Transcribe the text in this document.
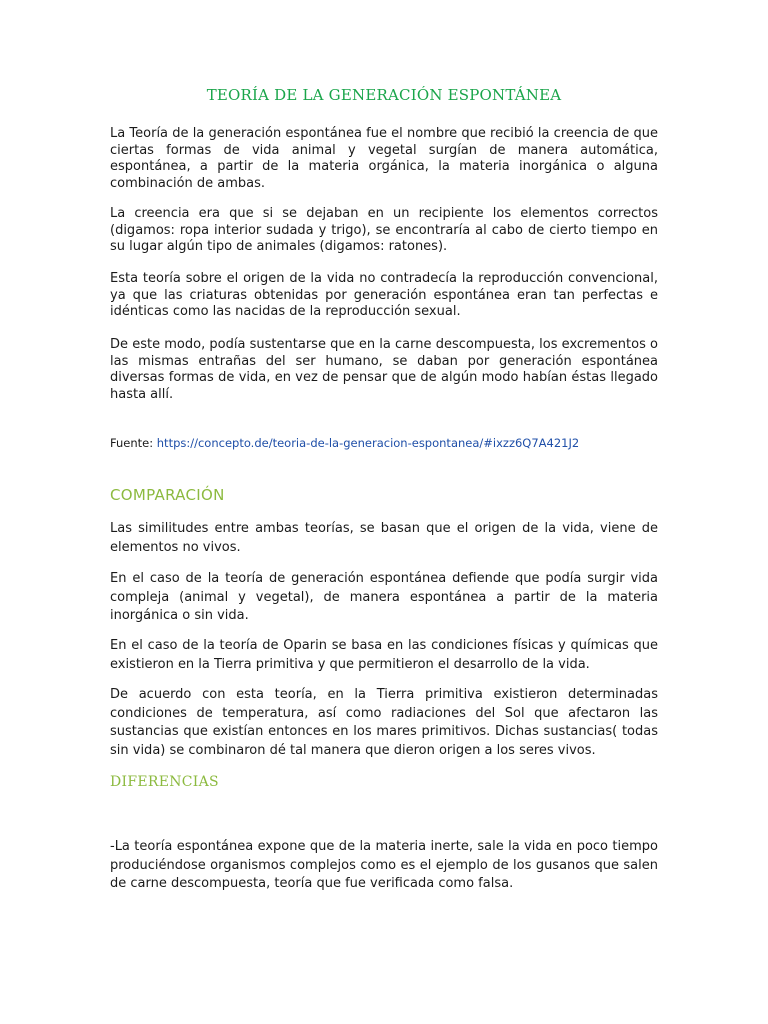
TEORÍA DE LA GENERACIÓN ESPONTÁNEA

La Teoría de la generación espontánea fue el nombre que recibió la creencia de que ciertas formas de vida animal y vegetal surgían de manera automática, espontánea, a partir de la materia orgánica, la materia inorgánica o alguna combinación de ambas.

La creencia era que si se dejaban en un recipiente los elementos correctos (digamos: ropa interior sudada y trigo), se encontraría al cabo de cierto tiempo en su lugar algún tipo de animales (digamos: ratones).

Esta teoría sobre el origen de la vida no contradecía la reproducción convencional, ya que las criaturas obtenidas por generación espontánea eran tan perfectas e idénticas como las nacidas de la reproducción sexual.

De este modo, podía sustentarse que en la carne descompuesta, los excrementos o las mismas entrañas del ser humano, se daban por generación espontánea diversas formas de vida, en vez de pensar que de algún modo habían éstas llegado hasta allí.

Fuente: https://concepto.de/teoria-de-la-generacion-espontanea/#ixzz6Q7A421J2

COMPARACIÓN

Las similitudes entre ambas teorías, se basan que el origen de la vida, viene de elementos no vivos.

En el caso de la teoría de generación espontánea defiende que podía surgir vida compleja (animal y vegetal), de manera espontánea a partir de la materia inorgánica o sin vida.

En el caso de la teoría de Oparin se basa en las condiciones físicas y químicas que existieron en la Tierra primitiva y que permitieron el desarrollo de la vida.

De acuerdo con esta teoría, en la Tierra primitiva existieron determinadas condiciones de temperatura, así como radiaciones del Sol que afectaron las sustancias que existían entonces en los mares primitivos. Dichas sustancias( todas sin vida) se combinaron dé tal manera que dieron origen a los seres vivos.

DIFERENCIAS

-La teoría espontánea expone que de la materia inerte, sale la vida en poco tiempo produciéndose organismos complejos como es el ejemplo de los gusanos que salen de carne descompuesta, teoría que fue verificada como falsa.
